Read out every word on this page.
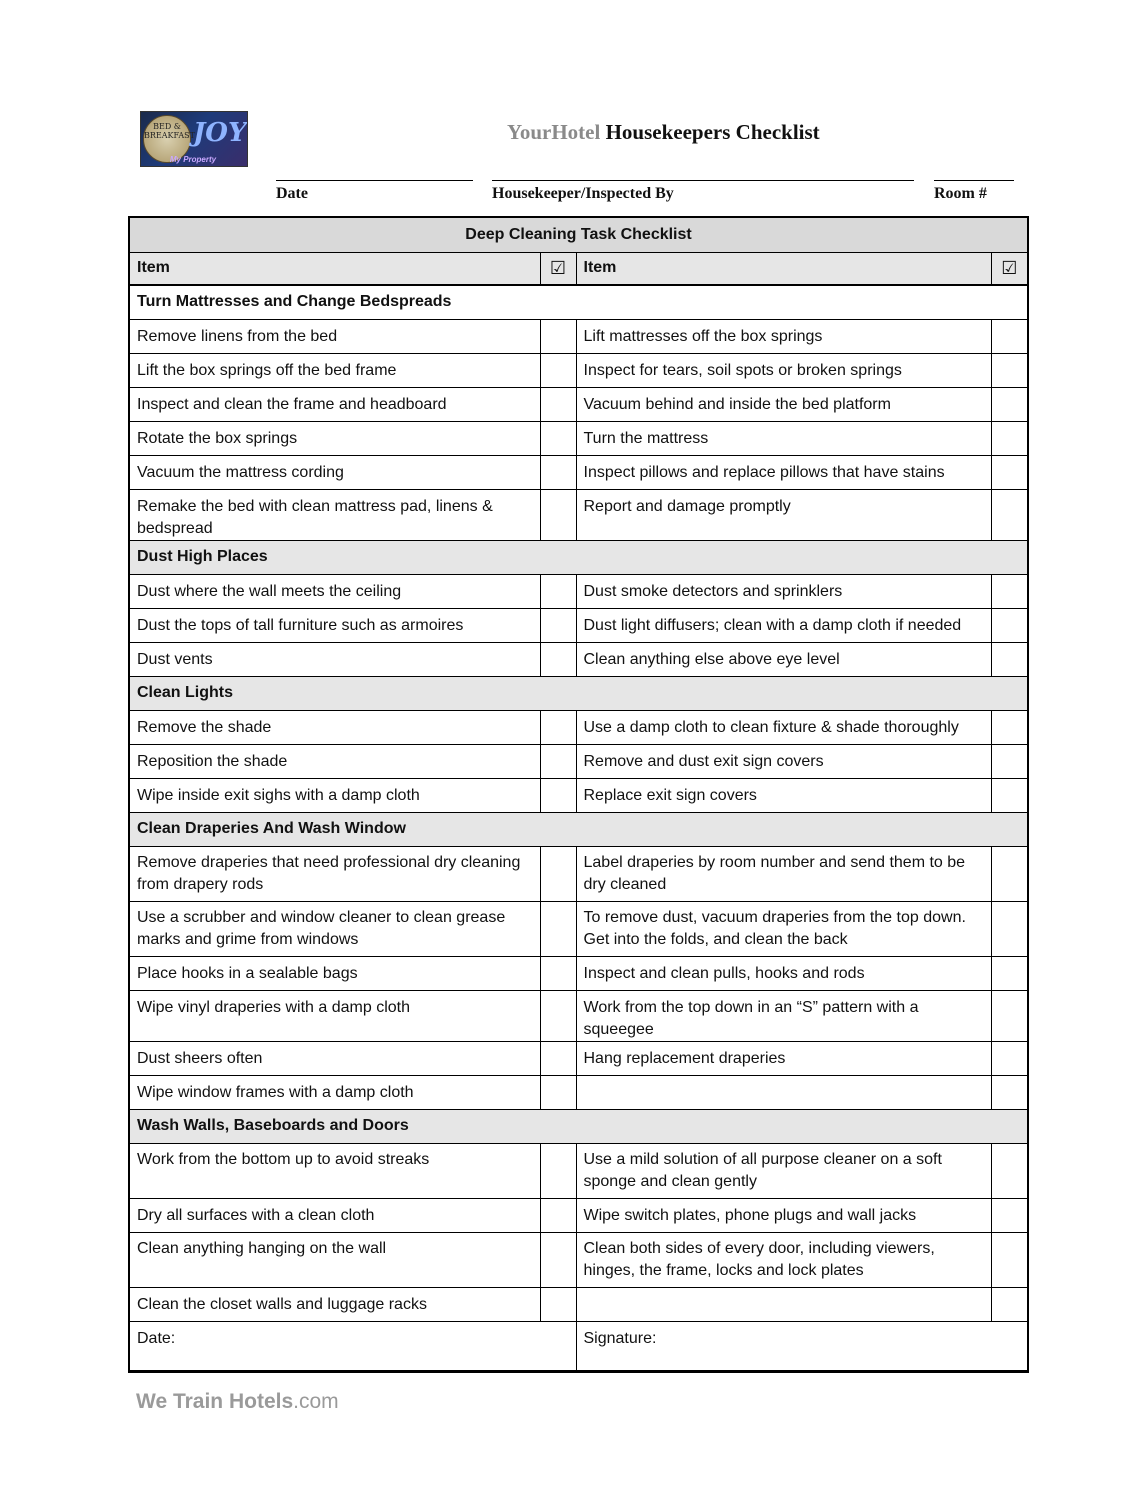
BED & BREAKFAST
JOY
My Property
YourHotel Housekeepers Checklist
Date	Housekeeper/Inspected By	Room #
Deep Cleaning Task Checklist			
Item	☑	Item	☑
Turn Mattresses and Change Bedspreads			
Remove linens from the bed		Lift mattresses off the box springs	
Lift the box springs off the bed frame		Inspect for tears, soil spots or broken springs	
Inspect and clean the frame and headboard		Vacuum behind and inside the bed platform	
Rotate the box springs		Turn the mattress	
Vacuum the mattress cording		Inspect pillows and replace pillows that have stains	
Remake the bed with clean mattress pad, linens & bedspread		Report and damage promptly	
Dust High Places			
Dust where the wall meets the ceiling		Dust smoke detectors and sprinklers	
Dust the tops of tall furniture such as armoires		Dust light diffusers; clean with a damp cloth if needed	
Dust vents		Clean anything else above eye level	
Clean Lights			
Remove the shade		Use a damp cloth to clean fixture & shade thoroughly	
Reposition the shade		Remove and dust exit sign covers	
Wipe inside exit sighs with a damp cloth		Replace exit sign covers	
Clean Draperies And Wash Window			
Remove draperies that need professional dry cleaning from drapery rods		Label draperies by room number and send them to be dry cleaned	
Use a scrubber and window cleaner to clean grease marks and grime from windows		To remove dust, vacuum draperies from the top down. Get into the folds, and clean the back	
Place hooks in a sealable bags		Inspect and clean pulls, hooks and rods	
Wipe vinyl draperies with a damp cloth		Work from the top down in an “S” pattern with a squeegee	
Dust sheers often		Hang replacement draperies	
Wipe window frames with a damp cloth			
Wash Walls, Baseboards and Doors			
Work from the bottom up to avoid streaks		Use a mild solution of all purpose cleaner on a soft sponge and clean gently	
Dry all surfaces with a clean cloth		Wipe switch plates, phone plugs and wall jacks	
Clean anything hanging on the wall		Clean both sides of every door, including viewers, hinges, the frame, locks and lock plates	
Clean the closet walls and luggage racks			
Date:		Signature:	
We Train Hotels.com
